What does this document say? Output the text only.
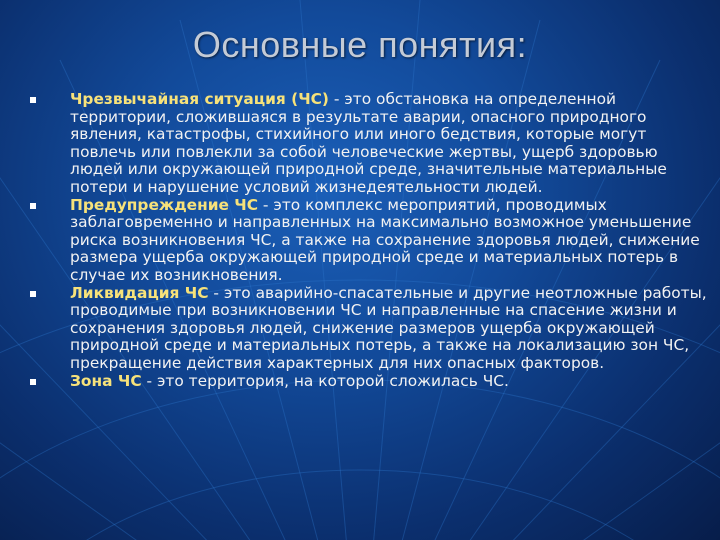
Основные понятия:
Чрезвычайная ситуация (ЧС) - это обстановка на определенной территории, сложившаяся в результате аварии, опасного природного явления, катастрофы, стихийного или иного бедствия, которые могут повлечь или повлекли за собой человеческие жертвы, ущерб здоровью людей или окружающей природной среде, значительные материальные потери и нарушение условий жизнедеятельности людей.
Предупреждение ЧС - это комплекс мероприятий, проводимых заблаговременно и направленных на максимально возможное уменьшение риска возникновения ЧС, а также на сохранение здоровья людей, снижение размера ущерба окружающей природной среде и материальных потерь в случае их возникновения.
Ликвидация ЧС - это аварийно-спасательные и другие неотложные работы, проводимые при возникновении ЧС и направленные на спасение жизни и сохранения здоровья людей, снижение размеров ущерба окружающей природной среде и материальных потерь, а также на локализацию зон ЧС, прекращение действия характерных для них опасных факторов.
Зона ЧС - это территория, на которой сложилась ЧС.
